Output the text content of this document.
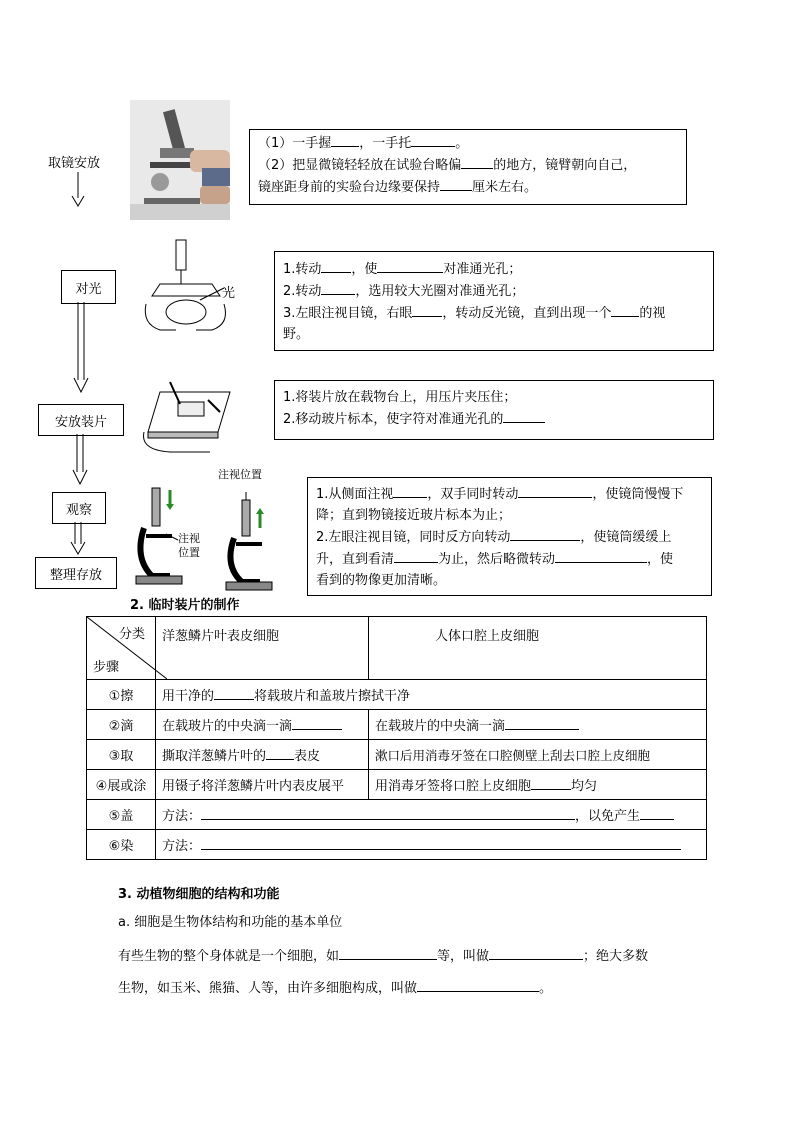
取镜安放
对光
安放装片
观察
整理存放
光
注视位置
注视
位置

（1）一手握 ，一手托	。

（2）把显微镜轻轻放在试验台略偏 的地方，镜臂朝向自己，

镜座距身前的实验台边缘要保持 厘米左右。

1.转动 ，使	对准通光孔；

2.转动	，选用较大光圈对准通光孔；

3.左眼注视目镜，右眼 ，转动反光镜，直到出现一个 的视

野。

1.将装片放在载物台上，用压片夹压住；

2.移动玻片标本，使字符对准通光孔的

1.从侧面注视	，双手同时转动	，使镜筒慢慢下

降；直到物镜接近玻片标本为止；

2.左眼注视目镜，同时反方向转动	，使镜筒缓缓上

升，直到看清	为止，然后略微转动	，使

看到的物像更加清晰。

2. 临时装片的制作
分类
步骤	洋葱鳞片叶表皮细胞	人体口腔上皮细胞
①擦	用干净的 将载玻片和盖玻片擦拭干净	
②滴	在载玻片的中央滴一滴	在载玻片的中央滴一滴
③取	撕取洋葱鳞片叶的 表皮	漱口后用消毒牙签在口腔侧壁上刮去口腔上皮细胞
④展或涂	用镊子将洋葱鳞片叶内表皮展平	用消毒牙签将口腔上皮细胞 均匀
⑤盖	方法： ，以免产生	
⑥染	方法：	
3. 动植物细胞的结构和功能
a. 细胞是生物体结构和功能的基本单位
有些生物的整个身体就是一个细胞，如	等，叫做	；绝大多数
生物，如玉米、熊猫、人等，由许多细胞构成，叫做	。
